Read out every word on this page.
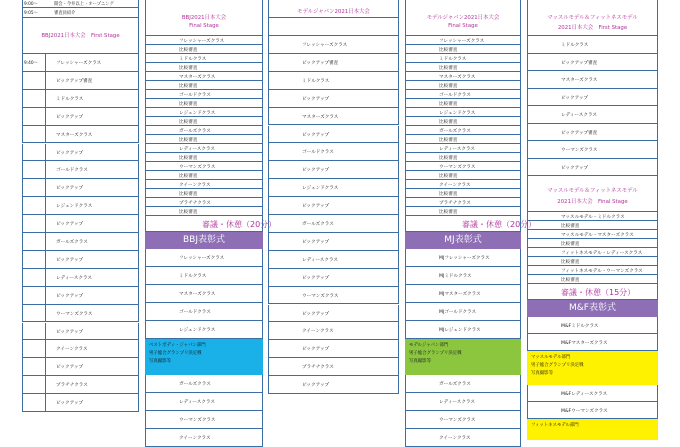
9:00〜	開会・今井以上・オープニング
9:05〜	審査員紹介
BBJ2021日本大会　First Stage
9:40〜	フレッシャーズクラス
ピックアップ審査
ミドルクラス
ピックアップ
マスターズクラス
ピックアップ
ゴールドクラス
ピックアップ
レジェンドクラス
ピックアップ
ガールズクラス
ピックアップ
レディースクラス
ピックアップ
ウーマンズクラス
ピックアップ
クイーンクラス
ピックアップ
プラチナクラス
ピックアップ
BBJ2021日本大会
Final Stage
フレッシャーズクラス
比較審査
ミドルクラス
比較審査
マスターズクラス
比較審査
ゴールドクラス
比較審査
レジェンドクラス
比較審査
ガールズクラス
比較審査
レディースクラス
比較審査
ウーマンズクラス
比較審査
クイーンクラス
比較審査
プラチナクラス
比較審査
審議・休憩（20分）
BBJ表彰式
フレッシャーズクラス
ミドルクラス
マスターズクラス
ゴールドクラス
レジェンドクラス
ベストボディ・ジャパン部門
男子総合グランプリ決定戦
写真撮影等
ガールズクラス
レディースクラス
ウーマンズクラス
クイーンクラス
モデルジャパン2021日本大会
フレッシャーズクラス
ピックアップ審査
ミドルクラス
ピックアップ
マスターズクラス
ピックアップ
ゴールドクラス
ピックアップ
レジェンドクラス
ピックアップ
ガールズクラス
ピックアップ
レディースクラス
ピックアップ
ウーマンズクラス
ピックアップ
クイーンクラス
ピックアップ
プラチナクラス
ピックアップ
モデルジャパン2021日本大会
Final Stage
フレッシャーズクラス
比較審査
ミドルクラス
比較審査
マスターズクラス
比較審査
ゴールドクラス
比較審査
レジェンドクラス
比較審査
ガールズクラス
比較審査
レディースクラス
比較審査
ウーマンズクラス
比較審査
クイーンクラス
比較審査
プラチナクラス
比較審査
審議・休憩（20分）
MJ表彰式
MJフレッシャーズクラス
MJミドルクラス
MJマスターズクラス
MJゴールドクラス
MJレジェンドクラス
モデルジャパン部門
男子総合グランプリ決定戦
写真撮影等
ガールズクラス
レディースクラス
ウーマンズクラス
クイーンクラス
マッスルモデル＆フィットネスモデル
2021日本大会　First Stage
ミドルクラス
ピックアップ審査
マスターズクラス
ピックアップ
レディースクラス
ピックアップ審査
ウーマンズクラス
ピックアップ
マッスルモデル＆フィットネスモデル
2021日本大会　Final Stage
マッスルモデル・ミドルクラス
比較審査
マッスルモデル・マスターズクラス
比較審査
フィットネスモデル・レディースクラス
比較審査
フィットネスモデル・ウーマンズクラス
比較審査
審議・休憩（15分）
M&F表彰式
M&Fミドルクラス
M&Fマスターズクラス
マッスルモデル部門
男子総合グランプリ決定戦
写真撮影等
M&Fレディースクラス
M&Fウーマンズクラス
フィットネスモデル部門
